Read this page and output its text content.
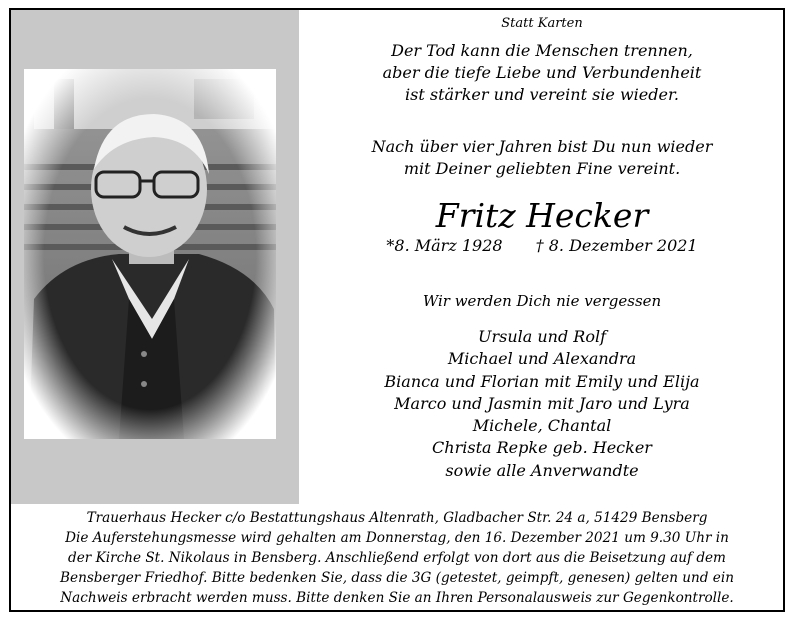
Statt Karten
Der Tod kann die Menschen trennen,
aber die tiefe Liebe und Verbundenheit
ist stärker und vereint sie wieder.
Nach über vier Jahren bist Du nun wieder
mit Deiner geliebten Fine vereint.
Fritz Hecker
*8. März 1928 † 8. Dezember 2021
Wir werden Dich nie vergessen
Ursula und Rolf
Michael und Alexandra
Bianca und Florian mit Emily und Elija
Marco und Jasmin mit Jaro und Lyra
Michele, Chantal
Christa Repke geb. Hecker
sowie alle Anverwandte
Trauerhaus Hecker c/o Bestattungshaus Altenrath, Gladbacher Str. 24 a, 51429 Bensberg
Die Auferstehungsmesse wird gehalten am Donnerstag, den 16. Dezember 2021 um 9.30 Uhr in
der Kirche St. Nikolaus in Bensberg. Anschließend erfolgt von dort aus die Beisetzung auf dem
Bensberger Friedhof. Bitte bedenken Sie, dass die 3G (getestet, geimpft, genesen) gelten und ein
Nachweis erbracht werden muss. Bitte denken Sie an Ihren Personalausweis zur Gegenkontrolle.
